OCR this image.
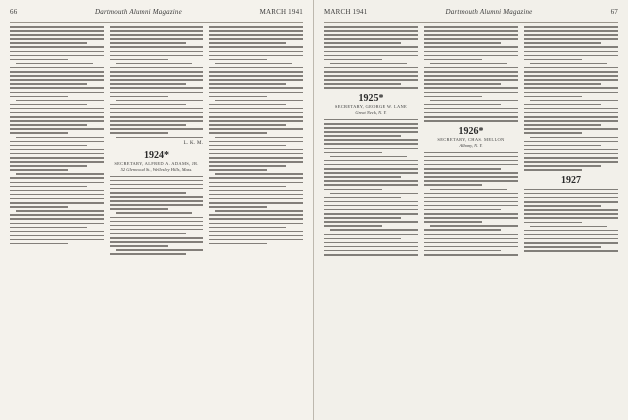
66	Dartmouth Alumni Magazine	MARCH 1941
L. K. M.
1924*
SECRETARY, ALFRED A. ADAMS, JR.
52 Glenwood St., Wellesley Hills, Mass.
MARCH 1941	Dartmouth Alumni Magazine	67
1925*
SECRETARY, GEORGE W. LANE
Great Neck, N. Y.
1926*
SECRETARY, CHAS. MELLON
Albany, N. Y.
1927
